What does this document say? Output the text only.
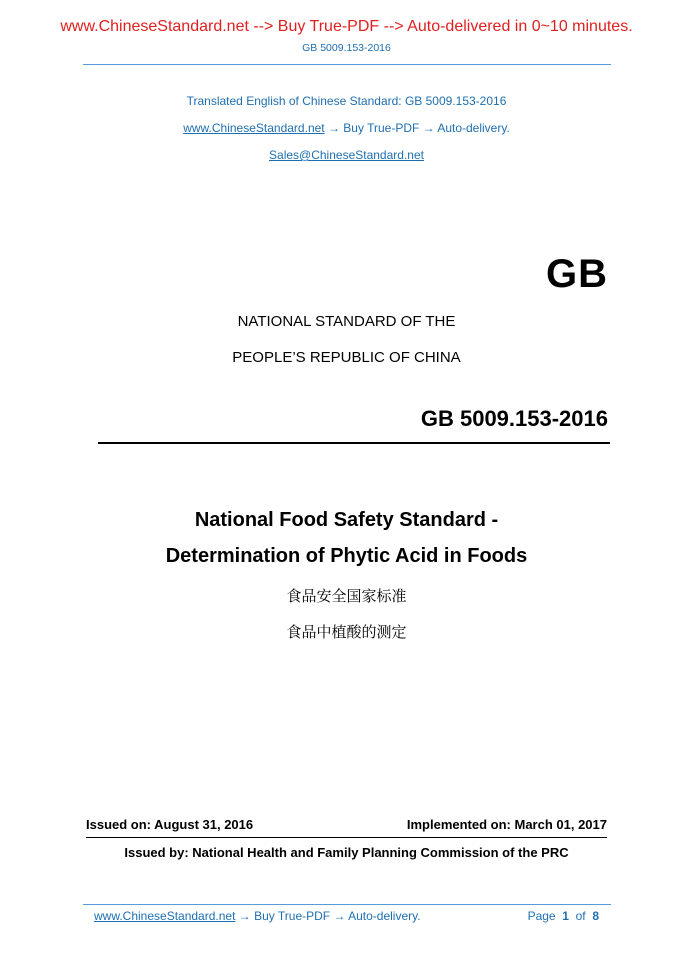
www.ChineseStandard.net --> Buy True-PDF --> Auto-delivered in 0~10 minutes.
GB 5009.153-2016
Translated English of Chinese Standard: GB 5009.153-2016
www.ChineseStandard.net → Buy True-PDF → Auto-delivery.
Sales@ChineseStandard.net
GB
NATIONAL STANDARD OF THE
PEOPLE’S REPUBLIC OF CHINA
GB 5009.153-2016
National Food Safety Standard -
Determination of Phytic Acid in Foods
食品安全国家标准
食品中植酸的测定
Issued on: August 31, 2016	Implemented on: March 01, 2017
Issued by: National Health and Family Planning Commission of the PRC
www.ChineseStandard.net → Buy True-PDF → Auto-delivery.	Page 1 of 8
